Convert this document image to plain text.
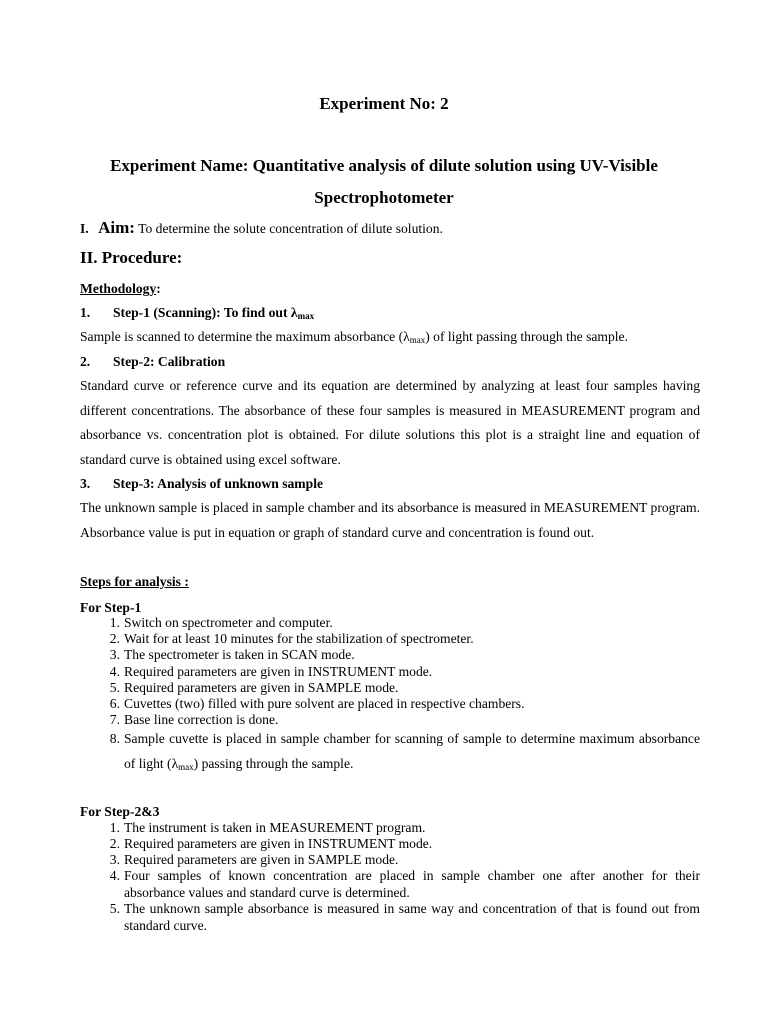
Experiment No: 2
Experiment Name: Quantitative analysis of dilute solution using UV-Visible
Spectrophotometer
I. Aim: To determine the solute concentration of dilute solution.
II. Procedure:
Methodology:
1. Step-1 (Scanning): To find out $\lambda_{max}$
Sample is scanned to determine the maximum absorbance $(\lambda_{max})$ of light passing through the sample.
2. Step-2: Calibration
Standard curve or reference curve and its equation are determined by analyzing at least four samples having different concentrations. The absorbance of these four samples is measured in MEASUREMENT program and absorbance vs. concentration plot is obtained. For dilute solutions this plot is a straight line and equation of standard curve is obtained using excel software.
3. Step-3: Analysis of unknown sample
The unknown sample is placed in sample chamber and its absorbance is measured in MEASUREMENT program. Absorbance value is put in equation or graph of standard curve and concentration is found out.
Steps for analysis :
For Step-1
1. Switch on spectrometer and computer.
2. Wait for at least 10 minutes for the stabilization of spectrometer.
3. The spectrometer is taken in SCAN mode.
4. Required parameters are given in INSTRUMENT mode.
5. Required parameters are given in SAMPLE mode.
6. Cuvettes (two) filled with pure solvent are placed in respective chambers.
7. Base line correction is done.
8. Sample cuvette is placed in sample chamber for scanning of sample to determine maximum absorbance of light $(\lambda_{max})$ passing through the sample.
For Step-2&3
1. The instrument is taken in MEASUREMENT program.
2. Required parameters are given in INSTRUMENT mode.
3. Required parameters are given in SAMPLE mode.
4. Four samples of known concentration are placed in sample chamber one after another for their absorbance values and standard curve is determined.
5. The unknown sample absorbance is measured in same way and concentration of that is found out from standard curve.
